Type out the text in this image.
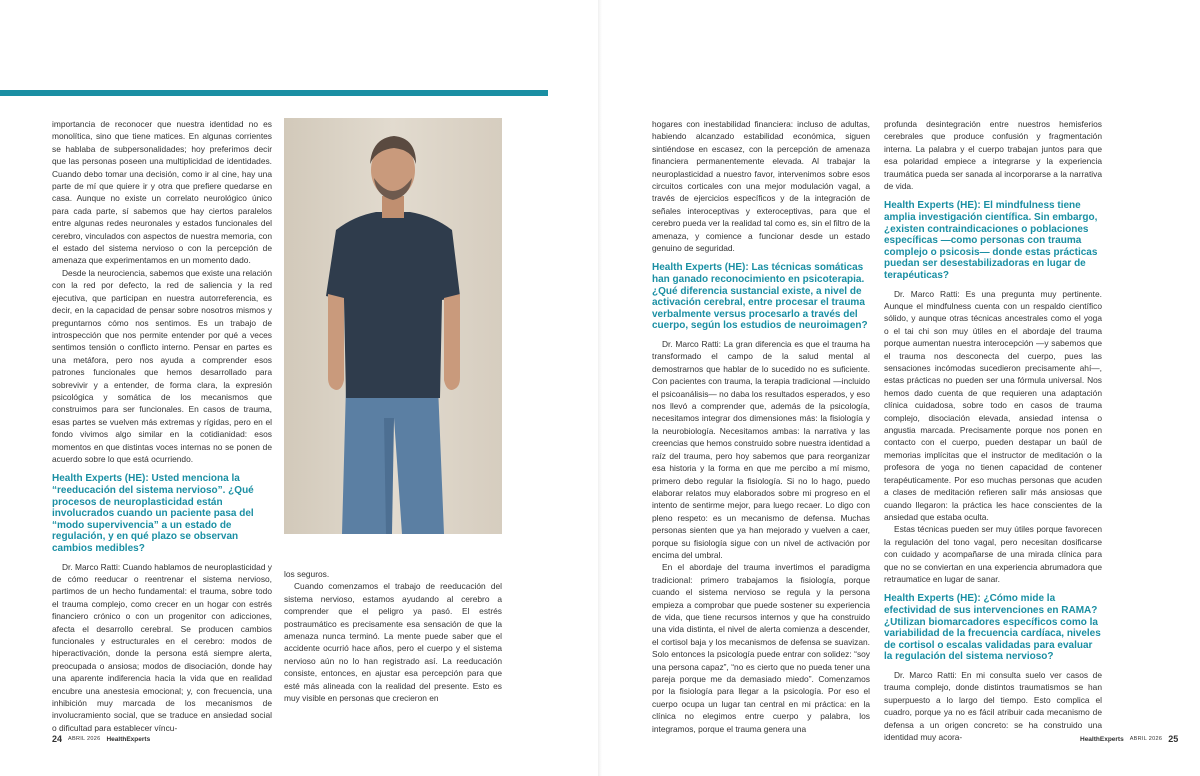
importancia de reconocer que nuestra identidad no es monolítica, sino que tiene matices. En algunas corrientes se hablaba de subpersonalidades; hoy preferimos decir que las personas poseen una multiplicidad de identidades. Cuando debo tomar una decisión, como ir al cine, hay una parte de mí que quiere ir y otra que prefiere quedarse en casa. Aunque no existe un correlato neurológico único para cada parte, sí sabemos que hay ciertos paralelos entre algunas redes neuronales y estados funcionales del cerebro, vinculados con aspectos de nuestra memoria, con el estado del sistema nervioso o con la percepción de amenaza que experimentamos en un momento dado.

Desde la neurociencia, sabemos que existe una relación con la red por defecto, la red de saliencia y la red ejecutiva, que participan en nuestra autorreferencia, es decir, en la capacidad de pensar sobre nosotros mismos y preguntarnos cómo nos sentimos. Es un trabajo de introspección que nos permite entender por qué a veces sentimos tensión o conflicto interno. Pensar en partes es una metáfora, pero nos ayuda a comprender esos patrones funcionales que hemos desarrollado para sobrevivir y a entender, de forma clara, la expresión psicológica y somática de los mecanismos que construimos para ser funcionales. En casos de trauma, esas partes se vuelven más extremas y rígidas, pero en el fondo vivimos algo similar en la cotidianidad: esos momentos en que distintas voces internas no se ponen de acuerdo sobre lo que está ocurriendo.

Health Experts (HE): Usted menciona la “reeducación del sistema nervioso”. ¿Qué procesos de neuroplasticidad están involucrados cuando un paciente pasa del “modo supervivencia” a un estado de regulación, y en qué plazo se observan cambios medibles?

Dr. Marco Ratti: Cuando hablamos de neuroplasticidad y de cómo reeducar o reentrenar el sistema nervioso, partimos de un hecho fundamental: el trauma, sobre todo el trauma complejo, como crecer en un hogar con estrés financiero crónico o con un progenitor con adicciones, afecta el desarrollo cerebral. Se producen cambios funcionales y estructurales en el cerebro: modos de hiperactivación, donde la persona está siempre alerta, preocupada o ansiosa; modos de disociación, donde hay una aparente indiferencia hacia la vida que en realidad encubre una anestesia emocional; y, con frecuencia, una inhibición muy marcada de los mecanismos de involucramiento social, que se traduce en ansiedad social o dificultad para establecer víncu-

los seguros.

Cuando comenzamos el trabajo de reeducación del sistema nervioso, estamos ayudando al cerebro a comprender que el peligro ya pasó. El estrés postraumático es precisamente esa sensación de que la amenaza nunca terminó. La mente puede saber que el accidente ocurrió hace años, pero el cuerpo y el sistema nervioso aún no lo han registrado así. La reeducación consiste, entonces, en ajustar esa percepción para que esté más alineada con la realidad del presente. Esto es muy visible en personas que crecieron en

hogares con inestabilidad financiera: incluso de adultas, habiendo alcanzado estabilidad económica, siguen sintiéndose en escasez, con la percepción de amenaza financiera permanentemente elevada. Al trabajar la neuroplasticidad a nuestro favor, intervenimos sobre esos circuitos corticales con una mejor modulación vagal, a través de ejercicios específicos y de la integración de señales interoceptivas y exteroceptivas, para que el cerebro pueda ver la realidad tal como es, sin el filtro de la amenaza, y comience a funcionar desde un estado genuino de seguridad.

Health Experts (HE): Las técnicas somáticas han ganado reconocimiento en psicoterapia. ¿Qué diferencia sustancial existe, a nivel de activación cerebral, entre procesar el trauma verbalmente versus procesarlo a través del cuerpo, según los estudios de neuroimagen?

Dr. Marco Ratti: La gran diferencia es que el trauma ha transformado el campo de la salud mental al demostrarnos que hablar de lo sucedido no es suficiente. Con pacientes con trauma, la terapia tradicional —incluido el psicoanálisis— no daba los resultados esperados, y eso nos llevó a comprender que, además de la psicología, necesitamos integrar dos dimensiones más: la fisiología y la neurobiología. Necesitamos ambas: la narrativa y las creencias que hemos construido sobre nuestra identidad a raíz del trauma, pero hoy sabemos que para reorganizar esa historia y la forma en que me percibo a mí mismo, primero debo regular la fisiología. Si no lo hago, puedo elaborar relatos muy elaborados sobre mi progreso en el intento de sentirme mejor, para luego recaer. Lo digo con pleno respeto: es un mecanismo de defensa. Muchas personas sienten que ya han mejorado y vuelven a caer, porque su fisiología sigue con un nivel de activación por encima del umbral.

En el abordaje del trauma invertimos el paradigma tradicional: primero trabajamos la fisiología, porque cuando el sistema nervioso se regula y la persona empieza a comprobar que puede sostener su experiencia de vida, que tiene recursos internos y que ha construido una vida distinta, el nivel de alerta comienza a descender, el cortisol baja y los mecanismos de defensa se suavizan. Solo entonces la psicología puede entrar con solidez: “soy una persona capaz”, “no es cierto que no pueda tener una pareja porque me da demasiado miedo”. Comenzamos por la fisiología para llegar a la psicología. Por eso el cuerpo ocupa un lugar tan central en mi práctica: en la clínica no elegimos entre cuerpo y palabra, los integramos, porque el trauma genera una

profunda desintegración entre nuestros hemisferios cerebrales que produce confusión y fragmentación interna. La palabra y el cuerpo trabajan juntos para que esa polaridad empiece a integrarse y la experiencia traumática pueda ser sanada al incorporarse a la narrativa de vida.

Health Experts (HE): El mindfulness tiene amplia investigación científica. Sin embargo, ¿existen contraindicaciones o poblaciones específicas —como personas con trauma complejo o psicosis— donde estas prácticas puedan ser desestabilizadoras en lugar de terapéuticas?

Dr. Marco Ratti: Es una pregunta muy pertinente. Aunque el mindfulness cuenta con un respaldo científico sólido, y aunque otras técnicas ancestrales como el yoga o el tai chi son muy útiles en el abordaje del trauma porque aumentan nuestra interocepción —y sabemos que el trauma nos desconecta del cuerpo, pues las sensaciones incómodas sucedieron precisamente ahí—, estas prácticas no pueden ser una fórmula universal. Nos hemos dado cuenta de que requieren una adaptación clínica cuidadosa, sobre todo en casos de trauma complejo, disociación elevada, ansiedad intensa o angustia marcada. Precisamente porque nos ponen en contacto con el cuerpo, pueden destapar un baúl de memorias implícitas que el instructor de meditación o la profesora de yoga no tienen capacidad de contener terapéuticamente. Por eso muchas personas que acuden a clases de meditación refieren salir más ansiosas que cuando llegaron: la práctica les hace conscientes de la ansiedad que estaba oculta.

Estas técnicas pueden ser muy útiles porque favorecen la regulación del tono vagal, pero necesitan dosificarse con cuidado y acompañarse de una mirada clínica para que no se conviertan en una experiencia abrumadora que retraumatice en lugar de sanar.

Health Experts (HE): ¿Cómo mide la efectividad de sus intervenciones en RAMA? ¿Utilizan biomarcadores específicos como la variabilidad de la frecuencia cardíaca, niveles de cortisol o escalas validadas para evaluar la regulación del sistema nervioso?

Dr. Marco Ratti: En mi consulta suelo ver casos de trauma complejo, donde distintos traumatismos se han superpuesto a lo largo del tiempo. Esto complica el cuadro, porque ya no es fácil atribuir cada mecanismo de defensa a un origen concreto: se ha construido una identidad muy acora-

24 ABRIL 2026 HealthExperts	HealthExperts ABRIL 2026 25
